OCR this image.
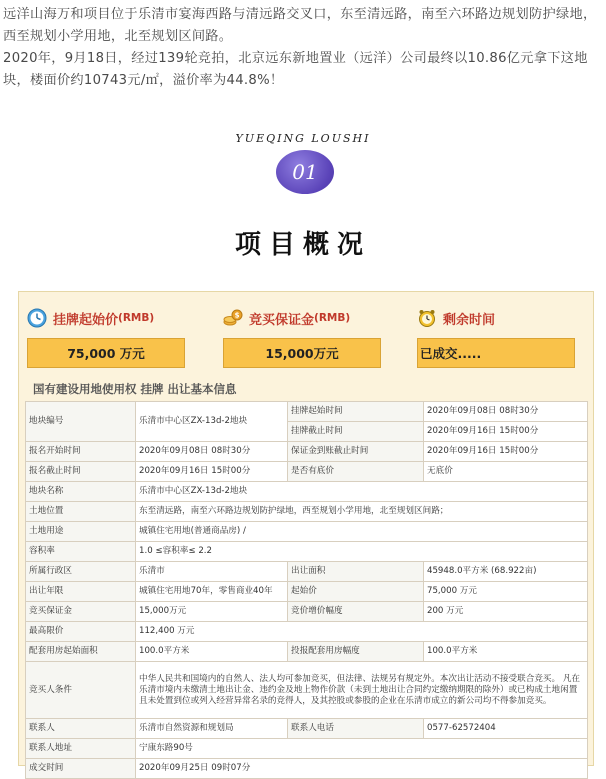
远洋山海万和项目位于乐清市宴海西路与清远路交叉口，东至清远路，南至六环路边规划防护绿地，西至规划小学用地，北至规划区间路。
2020年，9月18日，经过139轮竞拍，北京远东新地置业（远洋）公司最终以10.86亿元拿下这地块，楼面价约10743元/㎡，溢价率为44.8%！
YUEQING LOUSHI
01
项目概况
挂牌起始价 (RMB)
75,000 万元
$ 竞买保证金 (RMB)
15,000万元
剩余时间
已成交.....
国有建设用地使用权 挂牌 出让基本信息
地块编号	乐清市中心区ZX-13d-2地块	挂牌起始时间	2020年09月08日 08时30分
		挂牌截止时间	2020年09月16日 15时00分
报名开始时间	2020年09月08日 08时30分	保证金到账截止时间	2020年09月16日 15时00分
报名截止时间	2020年09月16日 15时00分	是否有底价	无底价
地块名称	乐清市中心区ZX-13d-2地块		
土地位置	东至清远路，南至六环路边规划防护绿地，西至规划小学用地，北至规划区间路；		
土地用途	城镇住宅用地(普通商品房) /		
容积率	1.0 ≤容积率≤ 2.2		
所属行政区	乐清市	出让面积	45948.0平方米 (68.922亩)
出让年限	城镇住宅用地70年，零售商业40年	起始价	75,000 万元
竞买保证金	15,000万元	竞价增价幅度	200 万元
最高限价	112,400 万元		
配套用房起始面积	100.0平方米	投报配套用房幅度	100.0平方米
竞买人条件	中华人民共和国境内的自然人、法人均可参加竞买，但法律、法规另有规定外。本次出让活动不接受联合竞买。 凡在乐清市境内未缴清土地出让金、违约金及地上物作价款（未到土地出让合同约定缴纳期限的除外）或已构成土地闲置且未处置到位或列入经营异常名录的竞得人，及其控股或参股的企业在乐清市成立的新公司均不得参加竞买。		
联系人	乐清市自然资源和规划局	联系人电话	0577-62572404
联系人地址	宁康东路90号		
成交时间	2020年09月25日 09时07分		
